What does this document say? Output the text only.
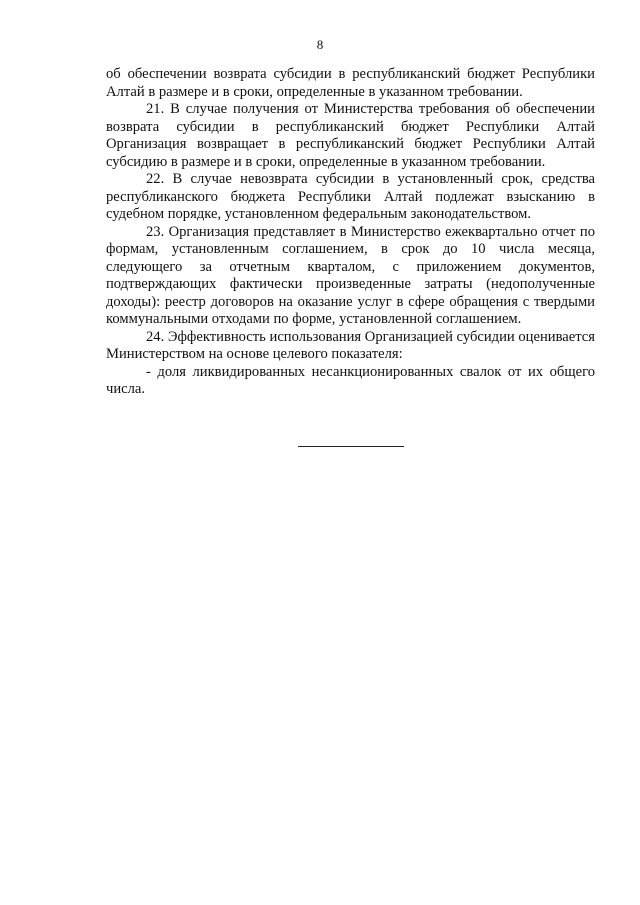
8

об обеспечении возврата субсидии в республиканский бюджет Республики Алтай в размере и в сроки, определенные в указанном требовании.

21. В случае получения от Министерства требования об обеспечении возврата субсидии в республиканский бюджет Республики Алтай Организация возвращает в республиканский бюджет Республики Алтай субсидию в размере и в сроки, определенные в указанном требовании.

22. В случае невозврата субсидии в установленный срок, средства республиканского бюджета Республики Алтай подлежат взысканию в судебном порядке, установленном федеральным законодательством.

23. Организация представляет в Министерство ежеквартально отчет по формам, установленным соглашением, в срок до 10 числа месяца, следующего за отчетным кварталом, с приложением документов, подтверждающих фактически произведенные затраты (недополученные доходы): реестр договоров на оказание услуг в сфере обращения с твердыми коммунальными отходами по форме, установленной соглашением.

24. Эффективность использования Организацией субсидии оценивается Министерством на основе целевого показателя:

- доля ликвидированных несанкционированных свалок от их общего числа.
